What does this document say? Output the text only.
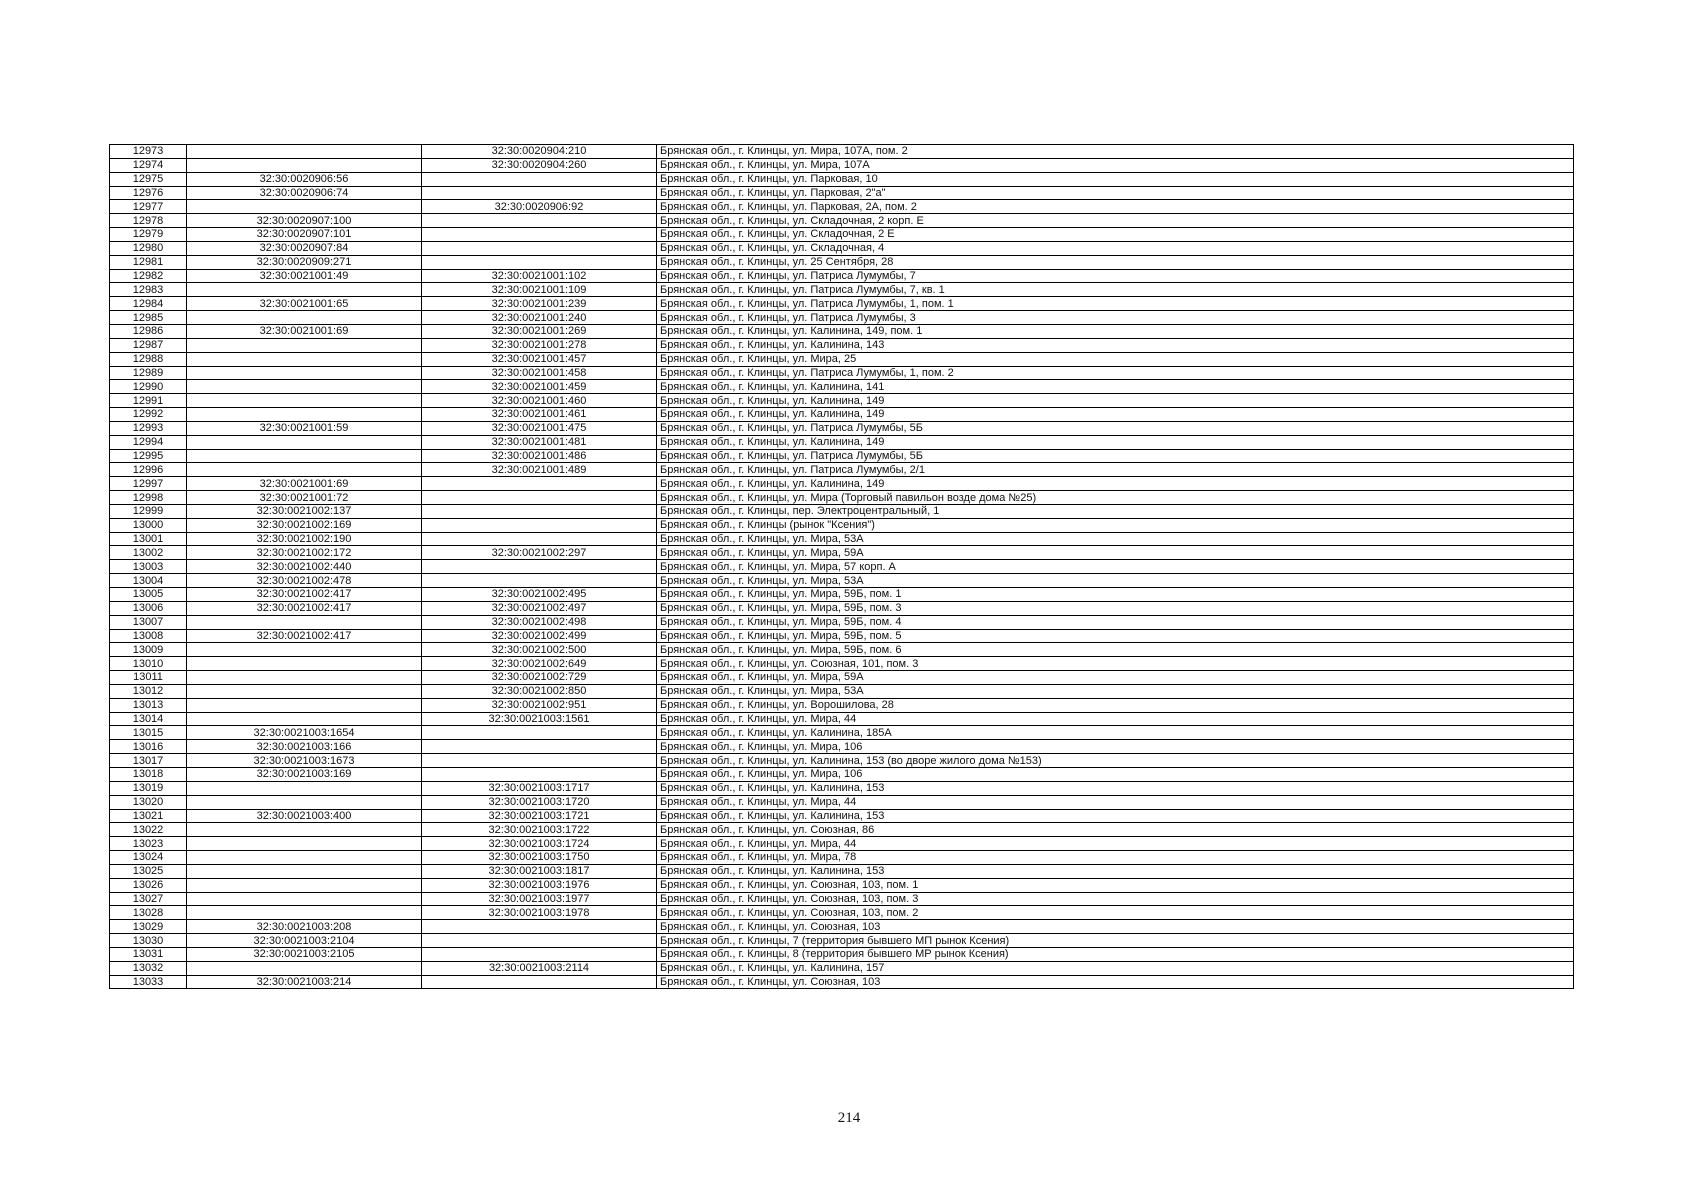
12973		32:30:0020904:210	Брянская обл., г. Клинцы, ул. Мира, 107А, пом. 2
12974		32:30:0020904:260	Брянская обл., г. Клинцы, ул. Мира, 107А
12975	32:30:0020906:56		Брянская обл., г. Клинцы, ул. Парковая, 10
12976	32:30:0020906:74		Брянская обл., г. Клинцы, ул. Парковая, 2"а"
12977		32:30:0020906:92	Брянская обл., г. Клинцы, ул. Парковая, 2А, пом. 2
12978	32:30:0020907:100		Брянская обл., г. Клинцы, ул. Складочная, 2 корп. Е
12979	32:30:0020907:101		Брянская обл., г. Клинцы, ул. Складочная, 2 Е
12980	32:30:0020907:84		Брянская обл., г. Клинцы, ул. Складочная, 4
12981	32:30:0020909:271		Брянская обл., г. Клинцы, ул. 25 Сентября, 28
12982	32:30:0021001:49	32:30:0021001:102	Брянская обл., г. Клинцы, ул. Патриса Лумумбы, 7
12983		32:30:0021001:109	Брянская обл., г. Клинцы, ул. Патриса Лумумбы, 7, кв. 1
12984	32:30:0021001:65	32:30:0021001:239	Брянская обл., г. Клинцы, ул. Патриса Лумумбы, 1, пом. 1
12985		32:30:0021001:240	Брянская обл., г. Клинцы, ул. Патриса Лумумбы, 3
12986	32:30:0021001:69	32:30:0021001:269	Брянская обл., г. Клинцы, ул. Калинина, 149, пом. 1
12987		32:30:0021001:278	Брянская обл., г. Клинцы, ул. Калинина, 143
12988		32:30:0021001:457	Брянская обл., г. Клинцы, ул. Мира, 25
12989		32:30:0021001:458	Брянская обл., г. Клинцы, ул. Патриса Лумумбы, 1, пом. 2
12990		32:30:0021001:459	Брянская обл., г. Клинцы, ул. Калинина, 141
12991		32:30:0021001:460	Брянская обл., г. Клинцы, ул. Калинина, 149
12992		32:30:0021001:461	Брянская обл., г. Клинцы, ул. Калинина, 149
12993	32:30:0021001:59	32:30:0021001:475	Брянская обл., г. Клинцы, ул. Патриса Лумумбы, 5Б
12994		32:30:0021001:481	Брянская обл., г. Клинцы, ул. Калинина, 149
12995		32:30:0021001:486	Брянская обл., г. Клинцы, ул. Патриса Лумумбы, 5Б
12996		32:30:0021001:489	Брянская обл., г. Клинцы, ул. Патриса Лумумбы, 2/1
12997	32:30:0021001:69		Брянская обл., г. Клинцы, ул. Калинина, 149
12998	32:30:0021001:72		Брянская обл., г. Клинцы, ул. Мира (Торговый павильон возде дома №25)
12999	32:30:0021002:137		Брянская обл., г. Клинцы, пер. Электроцентральный, 1
13000	32:30:0021002:169		Брянская обл., г. Клинцы (рынок "Ксения")
13001	32:30:0021002:190		Брянская обл., г. Клинцы, ул. Мира, 53А
13002	32:30:0021002:172	32:30:0021002:297	Брянская обл., г. Клинцы, ул. Мира, 59А
13003	32:30:0021002:440		Брянская обл., г. Клинцы, ул. Мира, 57 корп. А
13004	32:30:0021002:478		Брянская обл., г. Клинцы, ул. Мира, 53А
13005	32:30:0021002:417	32:30:0021002:495	Брянская обл., г. Клинцы, ул. Мира, 59Б, пом. 1
13006	32:30:0021002:417	32:30:0021002:497	Брянская обл., г. Клинцы, ул. Мира, 59Б, пом. 3
13007		32:30:0021002:498	Брянская обл., г. Клинцы, ул. Мира, 59Б, пом. 4
13008	32:30:0021002:417	32:30:0021002:499	Брянская обл., г. Клинцы, ул. Мира, 59Б, пом. 5
13009		32:30:0021002:500	Брянская обл., г. Клинцы, ул. Мира, 59Б, пом. 6
13010		32:30:0021002:649	Брянская обл., г. Клинцы, ул. Союзная, 101, пом. 3
13011		32:30:0021002:729	Брянская обл., г. Клинцы, ул. Мира, 59А
13012		32:30:0021002:850	Брянская обл., г. Клинцы, ул. Мира, 53А
13013		32:30:0021002:951	Брянская обл., г. Клинцы, ул. Ворошилова, 28
13014		32:30:0021003:1561	Брянская обл., г. Клинцы, ул. Мира, 44
13015	32:30:0021003:1654		Брянская обл., г. Клинцы, ул. Калинина, 185А
13016	32:30:0021003:166		Брянская обл., г. Клинцы, ул. Мира, 106
13017	32:30:0021003:1673		Брянская обл., г. Клинцы, ул. Калинина, 153 (во дворе жилого дома №153)
13018	32:30:0021003:169		Брянская обл., г. Клинцы, ул. Мира, 106
13019		32:30:0021003:1717	Брянская обл., г. Клинцы, ул. Калинина, 153
13020		32:30:0021003:1720	Брянская обл., г. Клинцы, ул. Мира, 44
13021	32:30:0021003:400	32:30:0021003:1721	Брянская обл., г. Клинцы, ул. Калинина, 153
13022		32:30:0021003:1722	Брянская обл., г. Клинцы, ул. Союзная, 86
13023		32:30:0021003:1724	Брянская обл., г. Клинцы, ул. Мира, 44
13024		32:30:0021003:1750	Брянская обл., г. Клинцы, ул. Мира, 78
13025		32:30:0021003:1817	Брянская обл., г. Клинцы, ул. Калинина, 153
13026		32:30:0021003:1976	Брянская обл., г. Клинцы, ул. Союзная, 103, пом. 1
13027		32:30:0021003:1977	Брянская обл., г. Клинцы, ул. Союзная, 103, пом. 3
13028		32:30:0021003:1978	Брянская обл., г. Клинцы, ул. Союзная, 103, пом. 2
13029	32:30:0021003:208		Брянская обл., г. Клинцы, ул. Союзная, 103
13030	32:30:0021003:2104		Брянская обл., г. Клинцы, 7 (территория бывшего МП рынок Ксения)
13031	32:30:0021003:2105		Брянская обл., г. Клинцы, 8 (территория бывшего МР рынок Ксения)
13032		32:30:0021003:2114	Брянская обл., г. Клинцы, ул. Калинина, 157
13033	32:30:0021003:214		Брянская обл., г. Клинцы, ул. Союзная, 103
214
